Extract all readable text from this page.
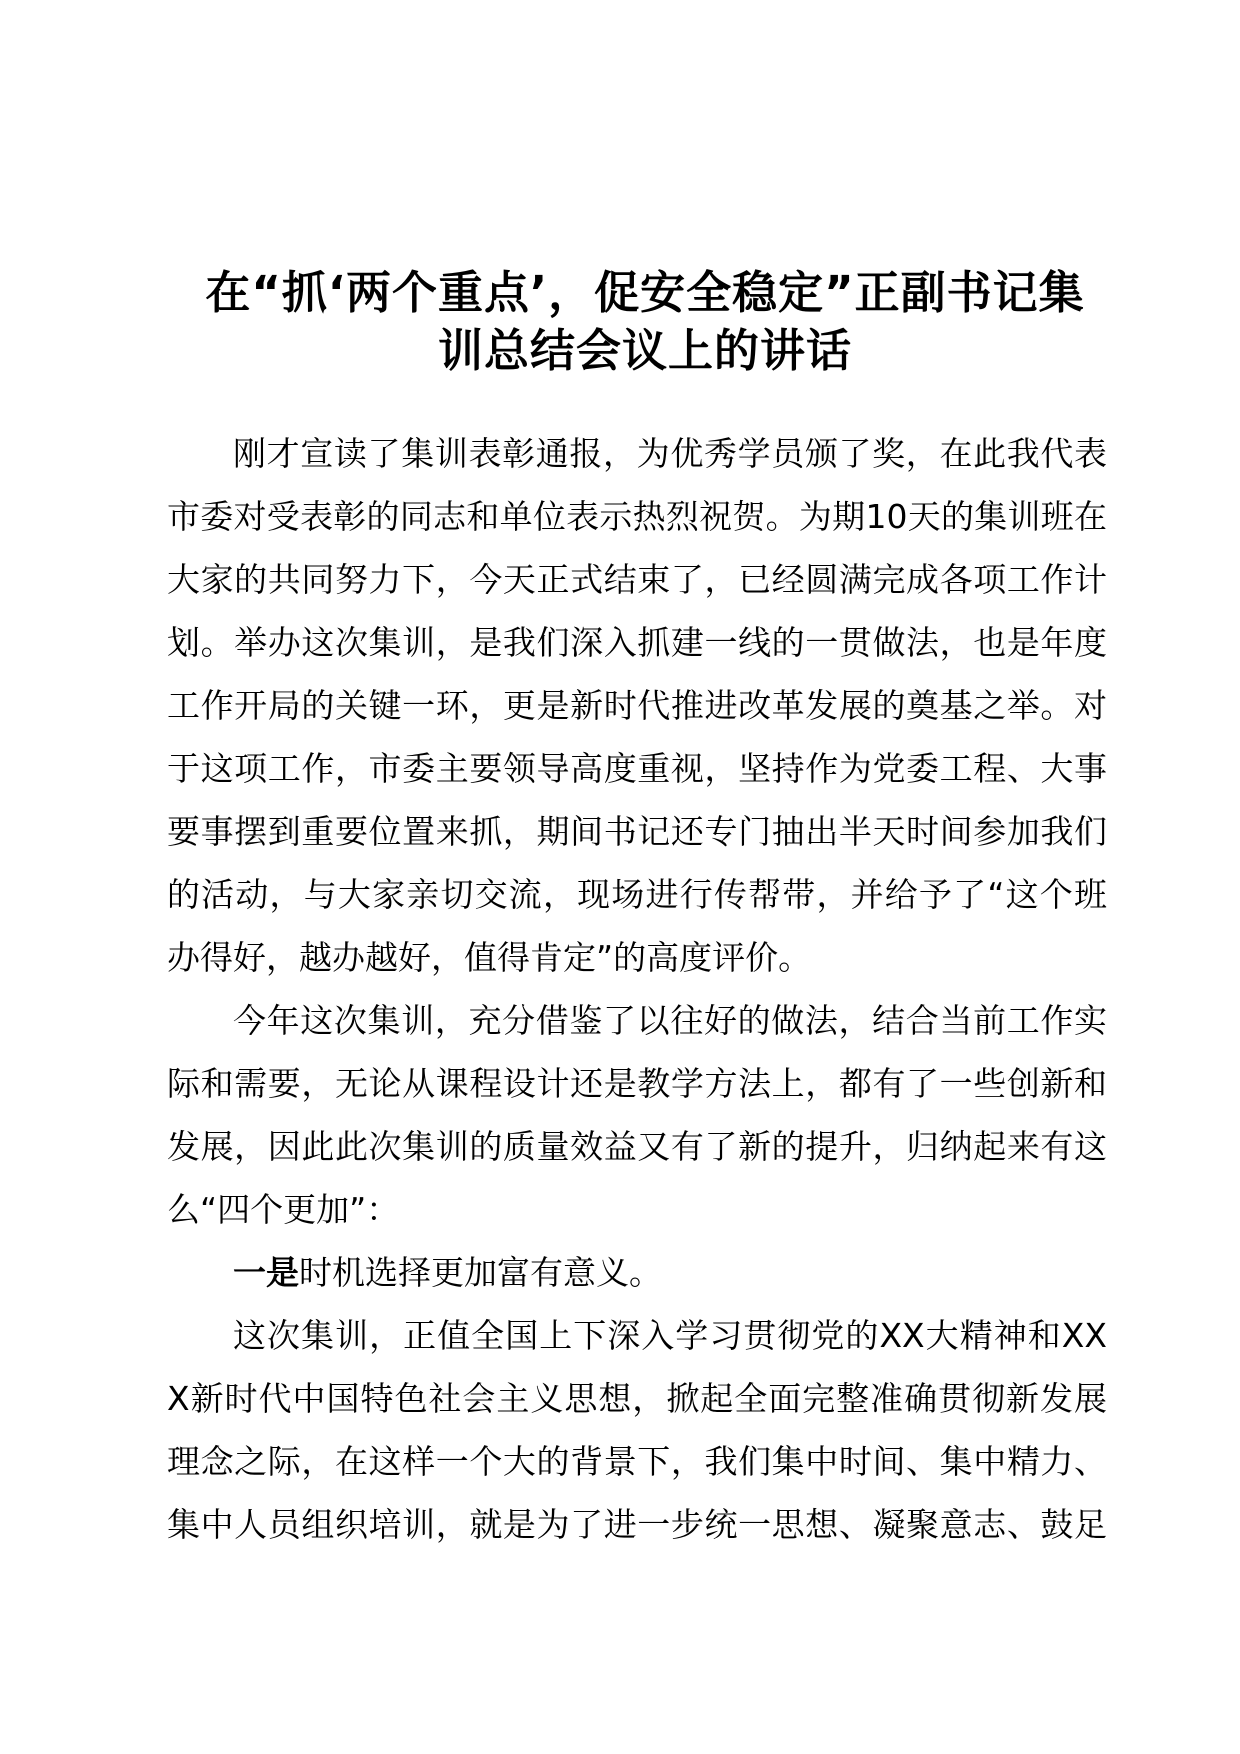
在“抓‘两个重点’，促安全稳定”正副书记集
训总结会议上的讲话
刚才宣读了集训表彰通报，为优秀学员颁了奖，在此我代表
市委对受表彰的同志和单位表示热烈祝贺。为期10天的集训班在
大家的共同努力下，今天正式结束了，已经圆满完成各项工作计
划。举办这次集训，是我们深入抓建一线的一贯做法，也是年度
工作开局的关键一环，更是新时代推进改革发展的奠基之举。对
于这项工作，市委主要领导高度重视，坚持作为党委工程、大事
要事摆到重要位置来抓，期间书记还专门抽出半天时间参加我们
的活动，与大家亲切交流，现场进行传帮带，并给予了“这个班
办得好，越办越好，值得肯定”的高度评价。
今年这次集训，充分借鉴了以往好的做法，结合当前工作实
际和需要，无论从课程设计还是教学方法上，都有了一些创新和
发展，因此此次集训的质量效益又有了新的提升，归纳起来有这
么“四个更加”：
一是时机选择更加富有意义。
这次集训，正值全国上下深入学习贯彻党的XX大精神和XX
X新时代中国特色社会主义思想，掀起全面完整准确贯彻新发展
理念之际，在这样一个大的背景下，我们集中时间、集中精力、
集中人员组织培训，就是为了进一步统一思想、凝聚意志、鼓足
